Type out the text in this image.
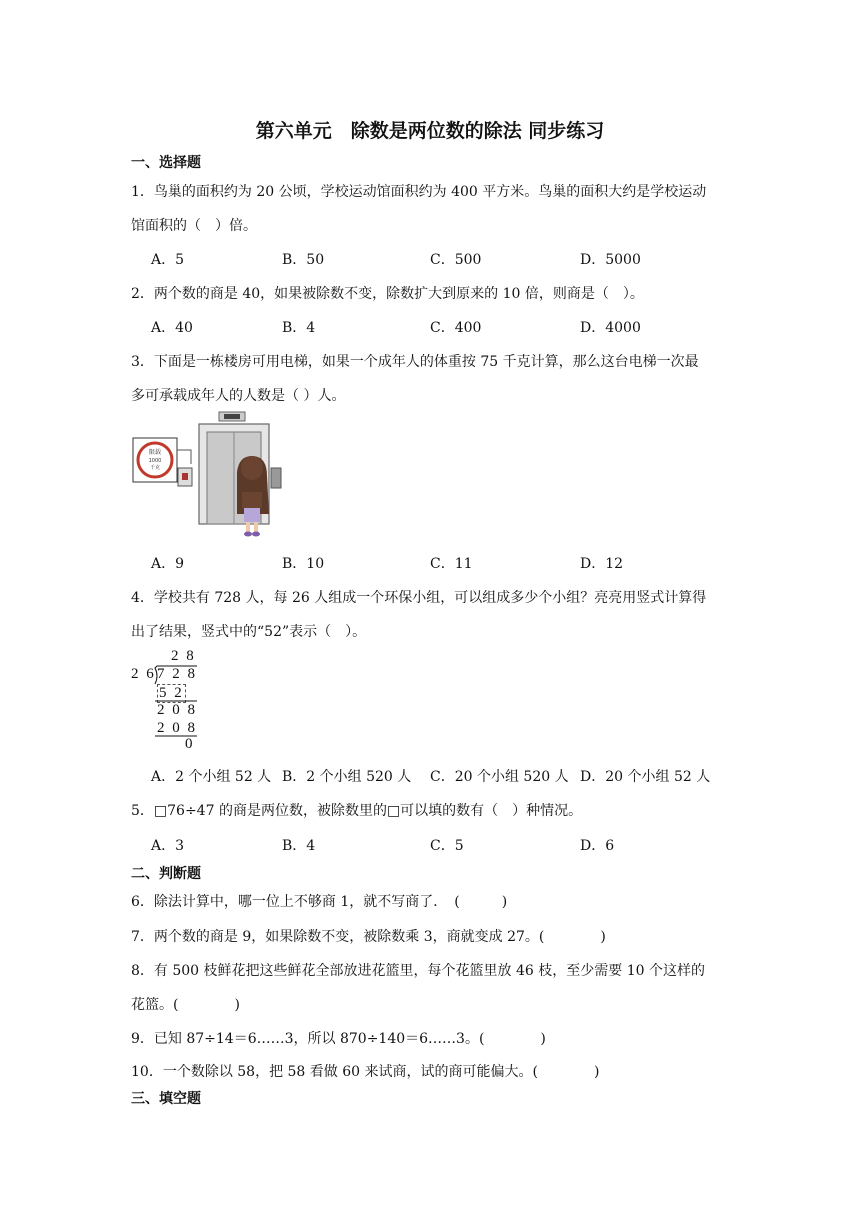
第六单元　除数是两位数的除法 同步练习
一、选择题
1．鸟巢的面积约为 20 公顷，学校运动馆面积约为 400 平方米。鸟巢的面积大约是学校运动
馆面积的（　）倍。
A．5	B．50	C．500	D．5000
2．两个数的商是 40，如果被除数不变，除数扩大到原来的 10 倍，则商是（　）。
A．40	B．4	C．400	D．4000
3．下面是一栋楼房可用电梯，如果一个成年人的体重按 75 千克计算，那么这台电梯一次最
多可承载成年人的人数是（ ）人。
限载
1000
千克
A．9	B．10	C．11	D．12
4．学校共有 728 人，每 26 人组成一个环保小组，可以组成多少个小组？亮亮用竖式计算得
出了结果，竖式中的“52”表示（　）。
2 8
2 6 7 2 8
5 2
2 0 8
2 0 8
0
A．2 个小组 52 人 B．2 个小组 520 人 C．20 个小组 520 人 D．20 个小组 52 人
5．□76÷47 的商是两位数，被除数里的□可以填的数有（　）种情况。
A．3	B．4	C．5	D．6
二、判断题
6．除法计算中，哪一位上不够商 1，就不写商了．　(　　　)
7．两个数的商是 9，如果除数不变，被除数乘 3，商就变成 27。(　　　　)
8．有 500 枝鲜花把这些鲜花全部放进花篮里，每个花篮里放 46 枝，至少需要 10 个这样的
花篮。(　　　　)
9．已知 87÷14＝6……3，所以 870÷140＝6……3。(　　　　)
10．一个数除以 58，把 58 看做 60 来试商，试的商可能偏大。(　　　　)
三、填空题
